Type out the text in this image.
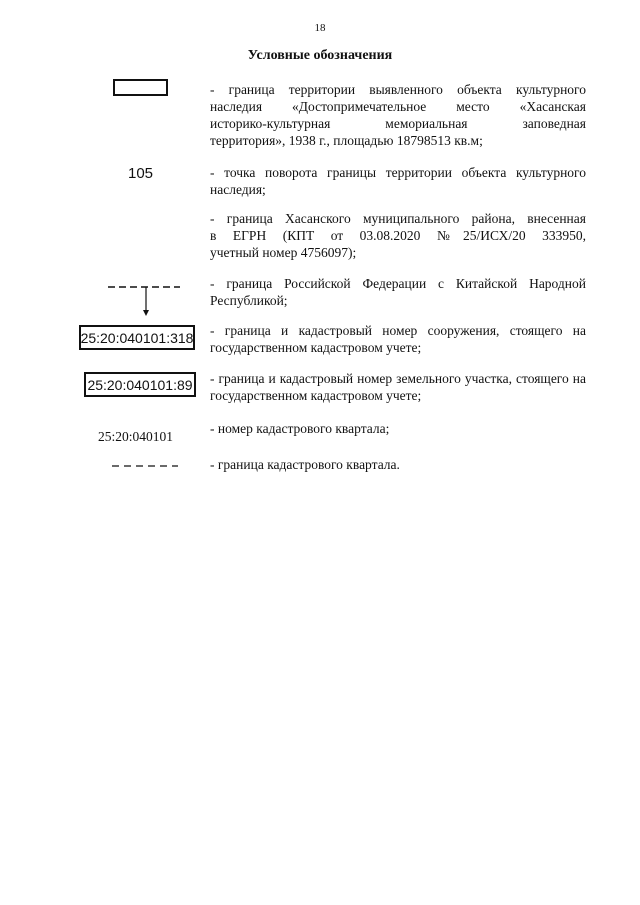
18
Условные обозначения
- граница территории выявленного объекта культурного
наследия «Достопримечательное место «Хасанская
историко-культурная мемориальная заповедная
территория», 1938 г., площадью 18798513 кв.м;
105	- точка поворота границы территории объекта культурного наследия;
- граница Хасанского муниципального района, внесенная
в ЕГРН (КПТ от 03.08.2020 №25/ИСХ/20 333950,
учетный номер 4756097);
- граница Российской Федерации с Китайской Народной Республикой;
25:20:040101:318 - граница и кадастровый номер сооружения, стоящего на государственном кадастровом учете;
25:20:040101:89 - граница и кадастровый номер земельного участка, стоящего на государственном кадастровом учете;
25:20:040101
- номер кадастрового квартала;
- граница кадастрового квартала.
